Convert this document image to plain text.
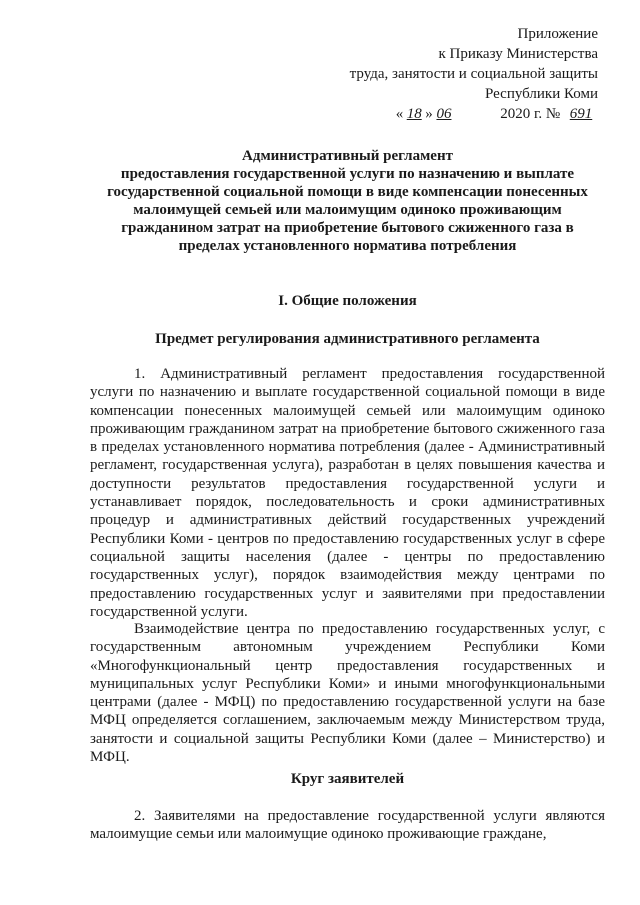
Приложение
к Приказу Министерства
труда, занятости и социальной защиты
Республики Коми
« 18 » 06	2020 г. № 691
Административный регламент
предоставления государственной услуги по назначению и выплате
государственной социальной помощи в виде компенсации понесенных
малоимущей семьей или малоимущим одиноко проживающим
гражданином затрат на приобретение бытового сжиженного газа в
пределах установленного норматива потребления
I. Общие положения
Предмет регулирования административного регламента

1. Административный регламент предоставления государственной услуги по назначению и выплате государственной социальной помощи в виде компенсации понесенных малоимущей семьей или малоимущим одиноко проживающим гражданином затрат на приобретение бытового сжиженного газа в пределах установленного норматива потребления (далее - Административный регламент, государственная услуга), разработан в целях повышения качества и доступности результатов предоставления государственной услуги и устанавливает порядок, последовательность и сроки административных процедур и административных действий государственных учреждений Республики Коми - центров по предоставлению государственных услуг в сфере социальной защиты населения (далее - центры по предоставлению государственных услуг), порядок взаимодействия между центрами по предоставлению государственных услуг и заявителями при предоставлении государственной услуги.

Взаимодействие центра по предоставлению государственных услуг, с государственным автономным учреждением Республики Коми «Многофункциональный центр предоставления государственных и муниципальных услуг Республики Коми» и иными многофункциональными центрами (далее - МФЦ) по предоставлению государственной услуги на базе МФЦ определяется соглашением, заключаемым между Министерством труда, занятости и социальной защиты Республики Коми (далее – Министерство) и МФЦ.

Круг заявителей

2. Заявителями на предоставление государственной услуги являются малоимущие семьи или малоимущие одиноко проживающие граждане,
